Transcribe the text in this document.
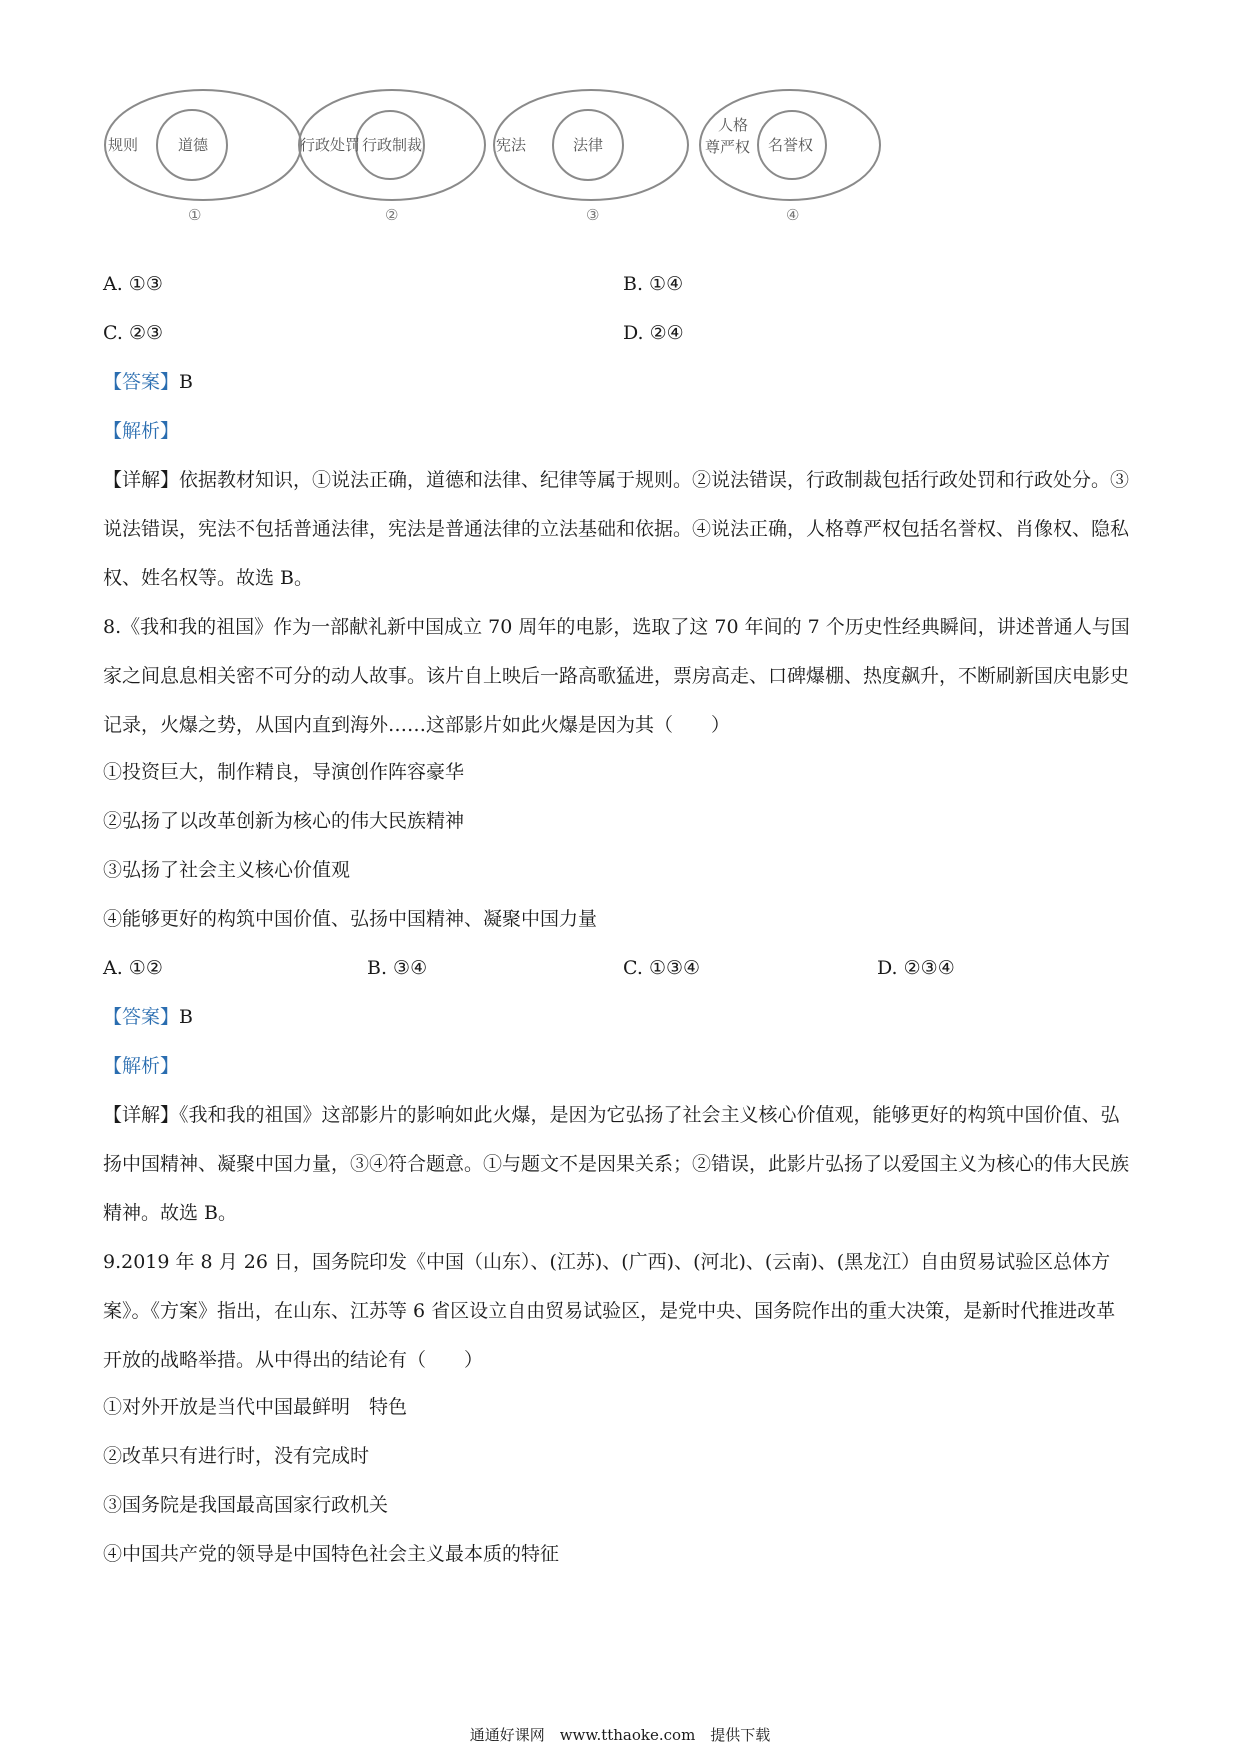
规则	道德
①
行政处罚 行政制裁
②
宪法	法律
③
人格
尊严权 名誉权
④
A. ①③	B. ①④
C. ②③	D. ②④
【答案】B
【解析】
【详解】依据教材知识，①说法正确，道德和法律、纪律等属于规则。②说法错误，行政制裁包括行政处罚和行政处分。③说法错误，宪法不包括普通法律，宪法是普通法律的立法基础和依据。④说法正确，人格尊严权包括名誉权、肖像权、隐私权、姓名权等。故选 B。
8.《我和我的祖国》作为一部献礼新中国成立 70 周年的电影，选取了这 70 年间的 7 个历史性经典瞬间，讲述普通人与国家之间息息相关密不可分的动人故事。该片自上映后一路高歌猛进，票房高走、口碑爆棚、热度飙升，不断刷新国庆电影史记录，火爆之势，从国内直到海外……这部影片如此火爆是因为其（　　）
①投资巨大，制作精良，导演创作阵容豪华
②弘扬了以改革创新为核心的伟大民族精神
③弘扬了社会主义核心价值观
④能够更好的构筑中国价值、弘扬中国精神、凝聚中国力量
A. ①②	B. ③④	C. ①③④	D. ②③④
【答案】B
【解析】
【详解】《我和我的祖国》这部影片的影响如此火爆，是因为它弘扬了社会主义核心价值观，能够更好的构筑中国价值、弘扬中国精神、凝聚中国力量，③④符合题意。①与题文不是因果关系；②错误，此影片弘扬了以爱国主义为核心的伟大民族精神。故选 B。
9.2019 年 8 月 26 日，国务院印发《中国（山东）、(江苏)、(广西)、(河北)、(云南)、(黑龙江）自由贸易试验区总体方案》。《方案》指出，在山东、江苏等 6 省区设立自由贸易试验区，是党中央、国务院作出的重大决策，是新时代推进改革开放的战略举措。从中得出的结论有（　　）
①对外开放是当代中国最鲜明　特色
②改革只有进行时，没有完成时
③国务院是我国最高国家行政机关
④中国共产党的领导是中国特色社会主义最本质的特征
通通好课网　www.tthaoke.com　提供下载
